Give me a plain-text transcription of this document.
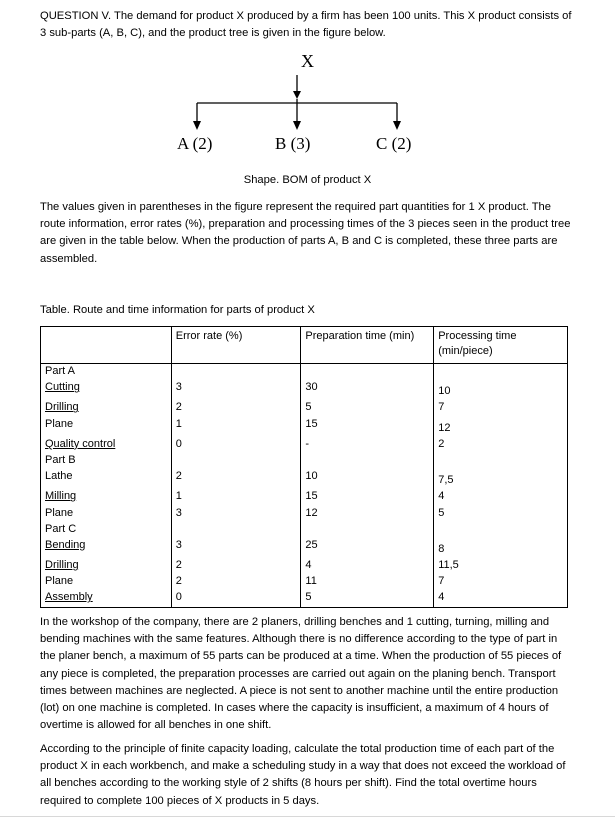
QUESTION V. The demand for product X produced by a firm has been 100 units. This X product consists of 3 sub-parts (A, B, C), and the product tree is given in the figure below.

X
A (2)	B (3)	C (2)
Shape. BOM of product X

The values given in parentheses in the figure represent the required part quantities for 1 X product. The route information, error rates (%), preparation and processing times of the 3 pieces seen in the product tree are given in the table below. When the production of parts A, B and C is completed, these three parts are assembled.

Table. Route and time information for parts of product X
	Error rate (%)	Preparation time (min)	Processing time (min/piece)
Part A			
Cutting	3	30	10
Drilling	2	5	7
Plane	1	15	12
Quality control	0	-	2
Part B			
Lathe	2	10	7,5
Milling	1	15	4
Plane	3	12	5
Part C			
Bending	3	25	8
Drilling	2	4	11,5
Plane	2	11	7
Assembly	0	5	4

In the workshop of the company, there are 2 planers, drilling benches and 1 cutting, turning, milling and bending machines with the same features. Although there is no difference according to the type of part in the planer bench, a maximum of 55 parts can be produced at a time. When the production of 55 pieces of any piece is completed, the preparation processes are carried out again on the planing bench. Transport times between machines are neglected. A piece is not sent to another machine until the entire production (lot) on one machine is completed. In cases where the capacity is insufficient, a maximum of 4 hours of overtime is allowed for all benches in one shift.

According to the principle of finite capacity loading, calculate the total production time of each part of the product X in each workbench, and make a scheduling study in a way that does not exceed the workload of all benches according to the working style of 2 shifts (8 hours per shift). Find the total overtime hours required to complete 100 pieces of X products in 5 days.
